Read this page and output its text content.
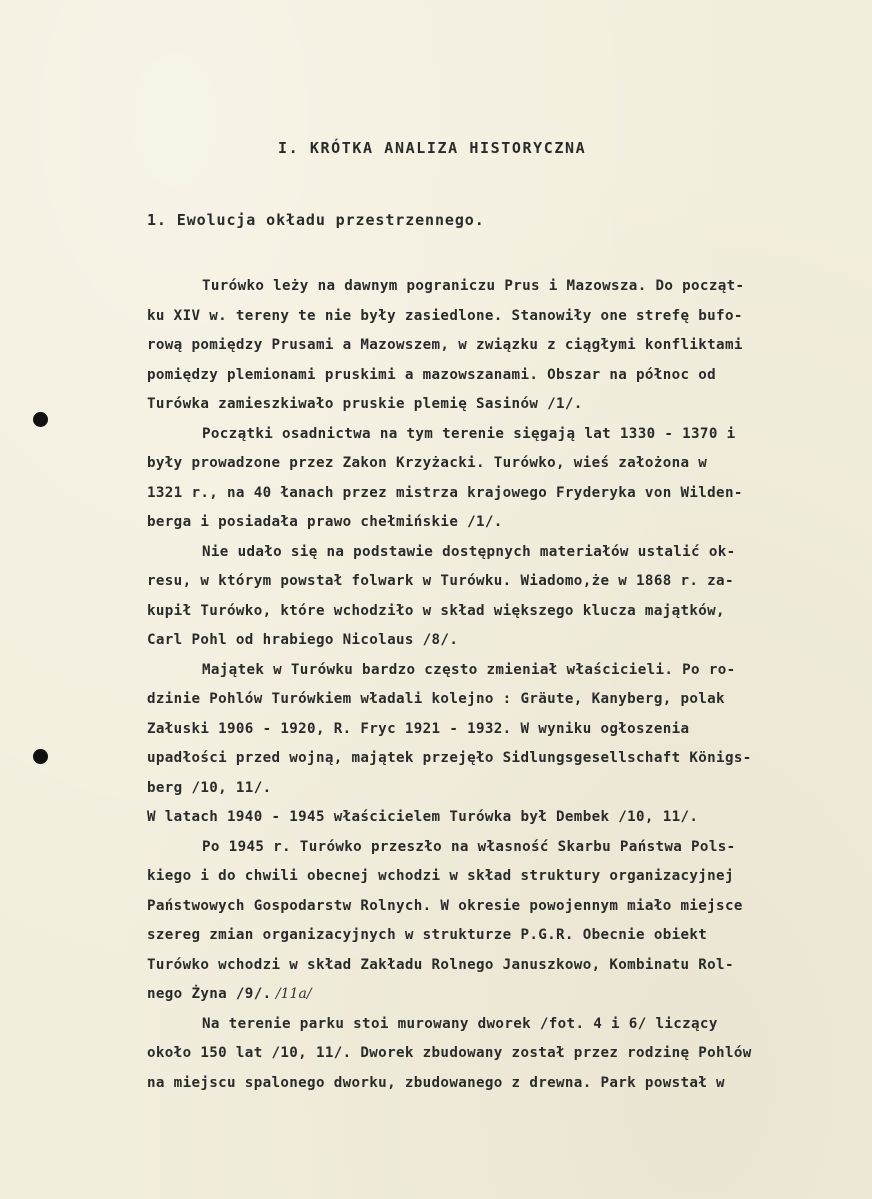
I. KRÓTKA ANALIZA HISTORYCZNA
1. Ewolucja okładu przestrzennego.
Turówko leży na dawnym pograniczu Prus i Mazowsza. Do począt-
ku XIV w. tereny te nie były zasiedlone. Stanowiły one strefę bufo-
rową pomiędzy Prusami a Mazowszem, w związku z ciągłymi konfliktami
pomiędzy plemionami pruskimi a mazowszanami. Obszar na północ od
Turówka zamieszkiwało pruskie plemię Sasinów /1/.
Początki osadnictwa na tym terenie sięgają lat 1330 - 1370 i
były prowadzone przez Zakon Krzyżacki. Turówko, wieś założona w
1321 r., na 40 łanach przez mistrza krajowego Fryderyka von Wilden-
berga i posiadała prawo chełmińskie /1/.
Nie udało się na podstawie dostępnych materiałów ustalić ok-
resu, w którym powstał folwark w Turówku. Wiadomo,że w 1868 r. za-
kupił Turówko, które wchodziło w skład większego klucza majątków,
Carl Pohl od hrabiego Nicolaus /8/.
Majątek w Turówku bardzo często zmieniał właścicieli. Po ro-
dzinie Pohlów Turówkiem władali kolejno : Gräute, Kanyberg, polak
Załuski 1906 - 1920, R. Fryc 1921 - 1932. W wyniku ogłoszenia
upadłości przed wojną, majątek przejęło Sidlungsgesellschaft Königs-
berg /10, 11/.
W latach 1940 - 1945 właścicielem Turówka był Dembek /10, 11/.
Po 1945 r. Turówko przeszło na własność Skarbu Państwa Pols-
kiego i do chwili obecnej wchodzi w skład struktury organizacyjnej
Państwowych Gospodarstw Rolnych. W okresie powojennym miało miejsce
szereg zmian organizacyjnych w strukturze P.G.R. Obecnie obiekt
Turówko wchodzi w skład Zakładu Rolnego Januszkowo, Kombinatu Rol-
nego Żyna /9/. /11a/
Na terenie parku stoi murowany dworek /fot. 4 i 6/ liczący
około 150 lat /10, 11/. Dworek zbudowany został przez rodzinę Pohlów
na miejscu spalonego dworku, zbudowanego z drewna. Park powstał w
